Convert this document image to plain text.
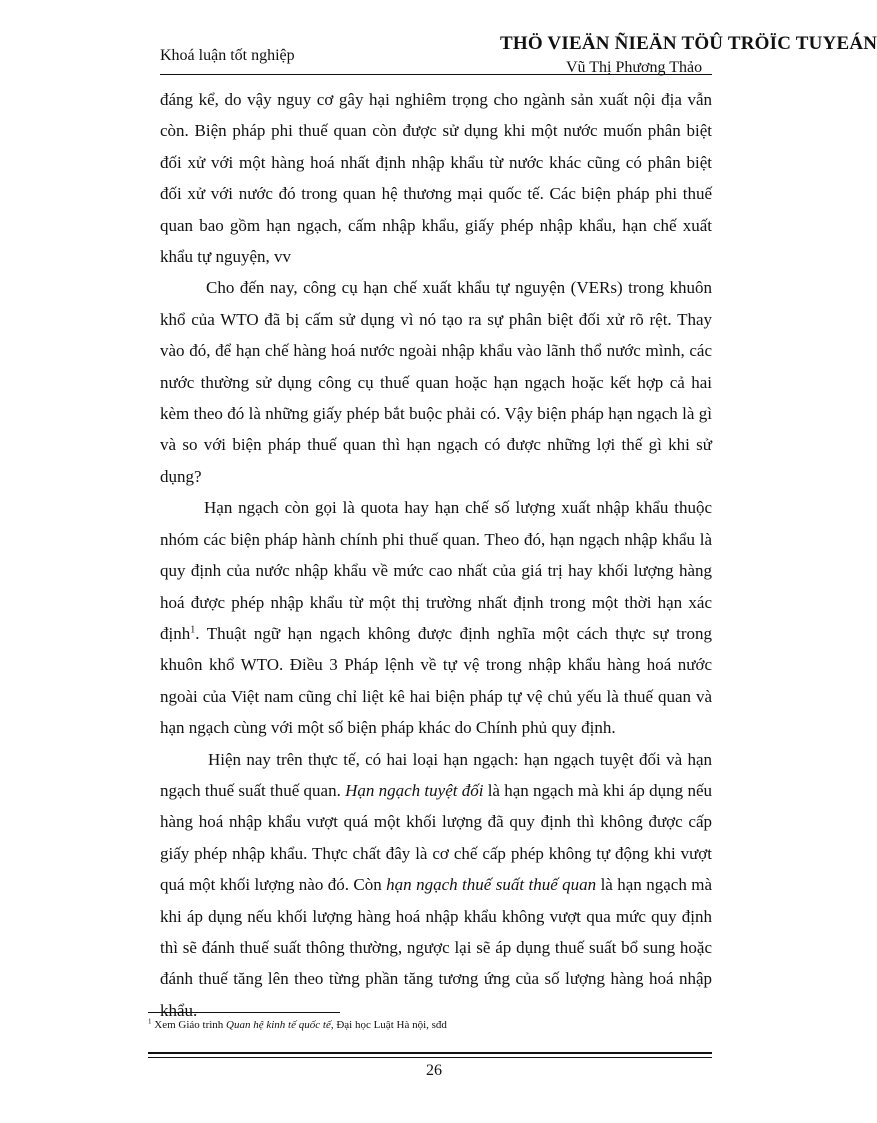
Khoá luận tốt nghiệp
Vũ Thị Phương Thảo
THÖ VIEÄN ÑIEÄN TÖÛ TRÖÏC TUYEÁN

đáng kể, do vậy nguy cơ gây hại nghiêm trọng cho ngành sản xuất nội địa vẫn còn. Biện pháp phi thuế quan còn được sử dụng khi một nước muốn phân biệt đối xử với một hàng hoá nhất định nhập khẩu từ nước khác cũng có phân biệt đối xử với nước đó trong quan hệ thương mại quốc tế. Các biện pháp phi thuế quan bao gồm hạn ngạch, cấm nhập khẩu, giấy phép nhập khẩu, hạn chế xuất khẩu tự nguyện, vv

Cho đến nay, công cụ hạn chế xuất khẩu tự nguyện (VERs) trong khuôn khổ của WTO đã bị cấm sử dụng vì nó tạo ra sự phân biệt đối xử rõ rệt. Thay vào đó, để hạn chế hàng hoá nước ngoài nhập khẩu vào lãnh thổ nước mình, các nước thường sử dụng công cụ thuế quan hoặc hạn ngạch hoặc kết hợp cả hai kèm theo đó là những giấy phép bắt buộc phải có. Vậy biện pháp hạn ngạch là gì và so với biện pháp thuế quan thì hạn ngạch có được những lợi thế gì khi sử dụng?

Hạn ngạch còn gọi là quota hay hạn chế số lượng xuất nhập khẩu thuộc nhóm các biện pháp hành chính phi thuế quan. Theo đó, hạn ngạch nhập khẩu là quy định của nước nhập khẩu về mức cao nhất của giá trị hay khối lượng hàng hoá được phép nhập khẩu từ một thị trường nhất định trong một thời hạn xác định$^1$. Thuật ngữ hạn ngạch không được định nghĩa một cách thực sự trong khuôn khổ WTO. Điều 3 Pháp lệnh về tự vệ trong nhập khẩu hàng hoá nước ngoài của Việt nam cũng chỉ liệt kê hai biện pháp tự vệ chủ yếu là thuế quan và hạn ngạch cùng với một số biện pháp khác do Chính phủ quy định.

Hiện nay trên thực tế, có hai loại hạn ngạch: hạn ngạch tuyệt đối và hạn ngạch thuế suất thuế quan. Hạn ngạch tuyệt đối là hạn ngạch mà khi áp dụng nếu hàng hoá nhập khẩu vượt quá một khối lượng đã quy định thì không được cấp giấy phép nhập khẩu. Thực chất đây là cơ chế cấp phép không tự động khi vượt quá một khối lượng nào đó. Còn hạn ngạch thuế suất thuế quan là hạn ngạch mà khi áp dụng nếu khối lượng hàng hoá nhập khẩu không vượt qua mức quy định thì sẽ đánh thuế suất thông thường, ngược lại sẽ áp dụng thuế suất bổ sung hoặc đánh thuế tăng lên theo từng phần tăng tương ứng của số lượng hàng hoá nhập khẩu.

$^1$ Xem Giáo trình Quan hệ kinh tế quốc tế, Đại học Luật Hà nội, sđd
26
